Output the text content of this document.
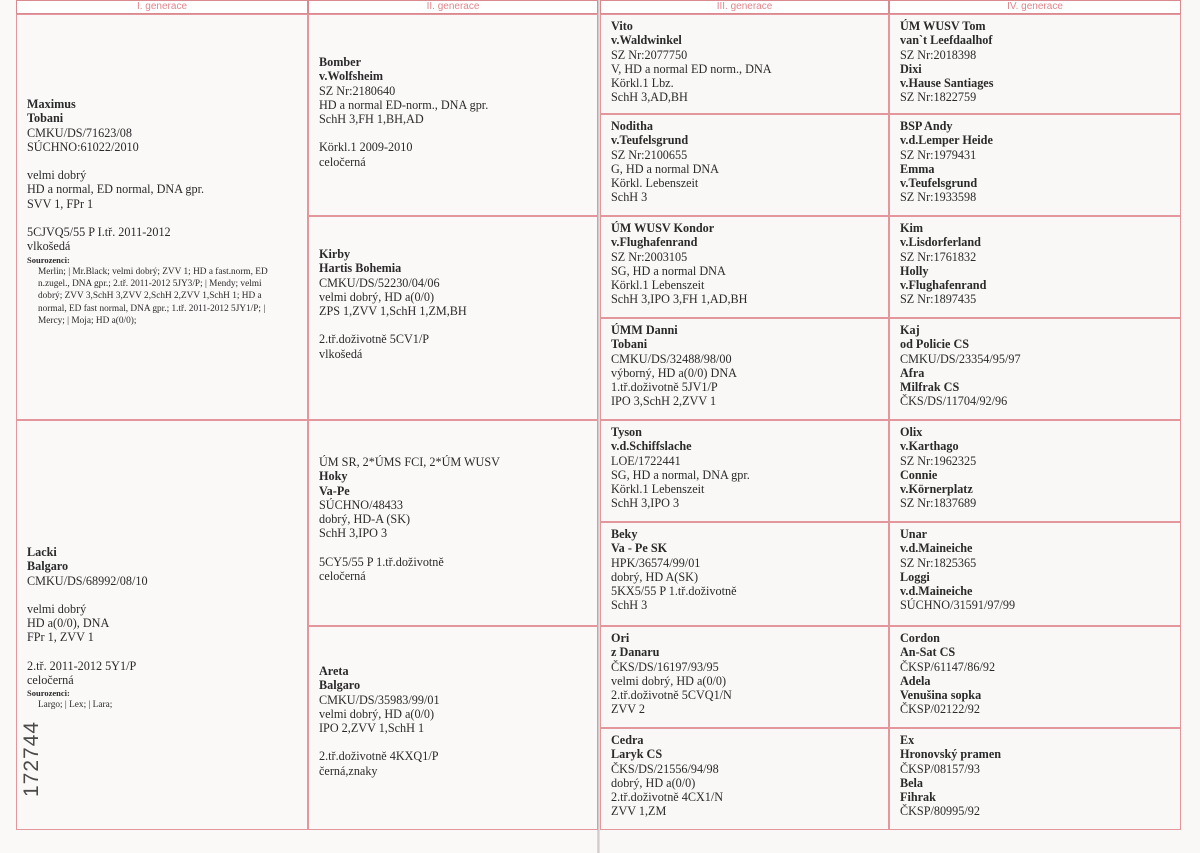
I. generace	II. generace	III. generace	IV. generace
Maximus
Tobani
CMKU/DS/71623/08
SÚCHNO:61022/2010
velmi dobrý
HD a normal, ED normal, DNA gpr.
SVV 1, FPr 1
5CJVQ5/55 P I.tř. 2011-2012
vlkošedá
Sourozenci:
Merlin; | Mr.Black; velmi dobrý; ZVV 1; HD a fast.norm, ED n.zugel., DNA gpr.; 2.tř. 2011-2012 5JY3/P; | Mendy; velmi dobrý; ZVV 3,SchH 3,ZVV 2,SchH 2,ZVV 1,SchH 1; HD a normal, ED fast normal, DNA gpr.; 1.tř. 2011-2012 5JY1/P; | Mercy; | Moja; HD a(0/0);
Lacki
Balgaro
CMKU/DS/68992/08/10
velmi dobrý
HD a(0/0), DNA
FPr 1, ZVV 1
2.tř. 2011-2012 5Y1/P
celočerná
Sourozenci:
Largo; | Lex; | Lara;
Bomber
v.Wolfsheim
SZ Nr:2180640
HD a normal ED-norm., DNA gpr.
SchH 3,FH 1,BH,AD
Körkl.1 2009-2010
celočerná
Kirby
Hartis Bohemia
CMKU/DS/52230/04/06
velmi dobrý, HD a(0/0)
ZPS 1,ZVV 1,SchH 1,ZM,BH
2.tř.doživotně 5CV1/P
vlkošedá
ÚM SR, 2*ÚMS FCI, 2*ÚM WUSV
Hoky
Va-Pe
SÚCHNO/48433
dobrý, HD-A (SK)
SchH 3,IPO 3
5CY5/55 P 1.tř.doživotně
celočerná
Areta
Balgaro
CMKU/DS/35983/99/01
velmi dobrý, HD a(0/0)
IPO 2,ZVV 1,SchH 1
2.tř.doživotně 4KXQ1/P
černá,znaky
Vito
v.Waldwinkel
SZ Nr:2077750
V, HD a normal ED norm., DNA
Körkl.1 Lbz.
SchH 3,AD,BH
Noditha
v.Teufelsgrund
SZ Nr:2100655
G, HD a normal DNA
Körkl. Lebenszeit
SchH 3
ÚM WUSV Kondor
v.Flughafenrand
SZ Nr:2003105
SG, HD a normal DNA
Körkl.1 Lebenszeit
SchH 3,IPO 3,FH 1,AD,BH
ÚMM Danni
Tobani
CMKU/DS/32488/98/00
výborný, HD a(0/0) DNA
1.tř.doživotně 5JV1/P
IPO 3,SchH 2,ZVV 1
Tyson
v.d.Schiffslache
LOE/1722441
SG, HD a normal, DNA gpr.
Körkl.1 Lebenszeit
SchH 3,IPO 3
Beky
Va - Pe SK
HPK/36574/99/01
dobrý, HD A(SK)
5KX5/55 P 1.tř.doživotně
SchH 3
Ori
z Danaru
ČKS/DS/16197/93/95
velmi dobrý, HD a(0/0)
2.tř.doživotně 5CVQ1/N
ZVV 2
Cedra
Laryk CS
ČKS/DS/21556/94/98
dobrý, HD a(0/0)
2.tř.doživotně 4CX1/N
ZVV 1,ZM
ÚM WUSV Tom
van`t Leefdaalhof
SZ Nr:2018398
Dixi
v.Hause Santiages
SZ Nr:1822759
BSP Andy
v.d.Lemper Heide
SZ Nr:1979431
Emma
v.Teufelsgrund
SZ Nr:1933598
Kim
v.Lisdorferland
SZ Nr:1761832
Holly
v.Flughafenrand
SZ Nr:1897435
Kaj
od Policie CS
CMKU/DS/23354/95/97
Afra
Milfrak CS
ČKS/DS/11704/92/96
Olix
v.Karthago
SZ Nr:1962325
Connie
v.Körnerplatz
SZ Nr:1837689
Unar
v.d.Maineiche
SZ Nr:1825365
Loggi
v.d.Maineiche
SÚCHNO/31591/97/99
Cordon
An-Sat CS
ČKSP/61147/86/92
Adela
Venušina sopka
ČKSP/02122/92
Ex
Hronovský pramen
ČKSP/08157/93
Bela
Fihrak
ČKSP/80995/92
172744
